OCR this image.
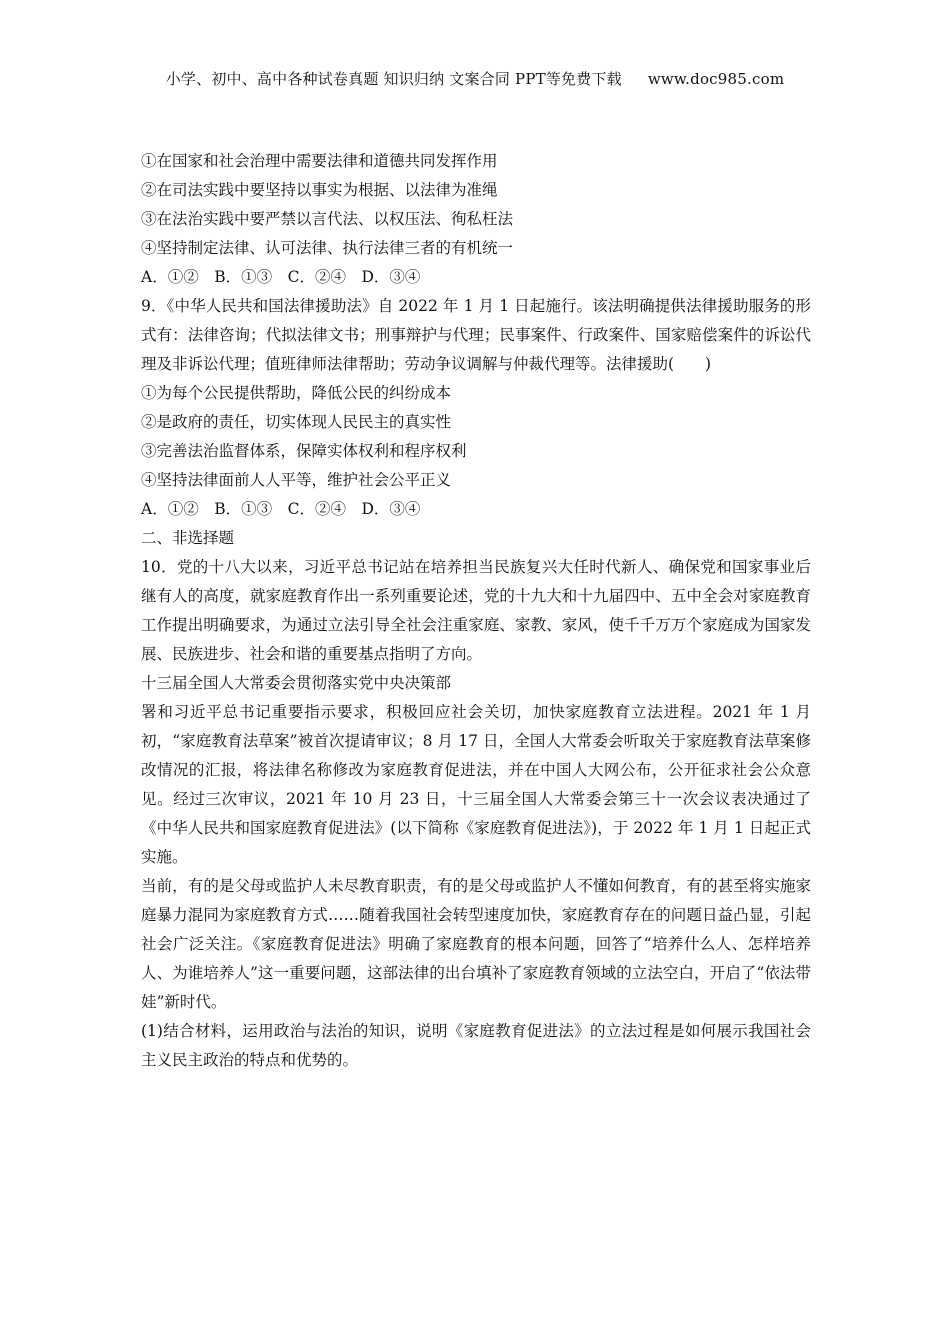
小学、初中、高中各种试卷真题 知识归纳 文案合同 PPT等免费下载 www.doc985.com
①在国家和社会治理中需要法律和道德共同发挥作用
②在司法实践中要坚持以事实为根据、以法律为准绳
③在法治实践中要严禁以言代法、以权压法、徇私枉法
④坚持制定法律、认可法律、执行法律三者的有机统一
A．①②　B．①③　C．②④　D．③④
9．《中华人民共和国法律援助法》自 2022 年 1 月 1 日起施行。该法明确提供法律援助服务的形式有：法律咨询；代拟法律文书；刑事辩护与代理；民事案件、行政案件、国家赔偿案件的诉讼代理及非诉讼代理；值班律师法律帮助；劳动争议调解与仲裁代理等。法律援助(　　)
①为每个公民提供帮助，降低公民的纠纷成本
②是政府的责任，切实体现人民民主的真实性
③完善法治监督体系，保障实体权利和程序权利
④坚持法律面前人人平等，维护社会公平正义
A．①②　B．①③　C．②④　D．③④
二、非选择题
10．党的十八大以来，习近平总书记站在培养担当民族复兴大任时代新人、确保党和国家事业后继有人的高度，就家庭教育作出一系列重要论述，党的十九大和十九届四中、五中全会对家庭教育工作提出明确要求，为通过立法引导全社会注重家庭、家教、家风，使千千万万个家庭成为国家发展、民族进步、社会和谐的重要基点指明了方向。
十三届全国人大常委会贯彻落实党中央决策部
署和习近平总书记重要指示要求，积极回应社会关切，加快家庭教育立法进程。2021 年 1 月初，“家庭教育法草案”被首次提请审议；8 月 17 日，全国人大常委会听取关于家庭教育法草案修改情况的汇报，将法律名称修改为家庭教育促进法，并在中国人大网公布，公开征求社会公众意见。经过三次审议，2021 年 10 月 23 日，十三届全国人大常委会第三十一次会议表决通过了《中华人民共和国家庭教育促进法》(以下简称《家庭教育促进法》)，于 2022 年 1 月 1 日起正式实施。
当前，有的是父母或监护人未尽教育职责，有的是父母或监护人不懂如何教育，有的甚至将实施家庭暴力混同为家庭教育方式……随着我国社会转型速度加快，家庭教育存在的问题日益凸显，引起社会广泛关注。《家庭教育促进法》明确了家庭教育的根本问题，回答了“培养什么人、怎样培养人、为谁培养人”这一重要问题，这部法律的出台填补了家庭教育领域的立法空白，开启了“依法带娃”新时代。
(1)结合材料，运用政治与法治的知识，说明《家庭教育促进法》的立法过程是如何展示我国社会主义民主政治的特点和优势的。
